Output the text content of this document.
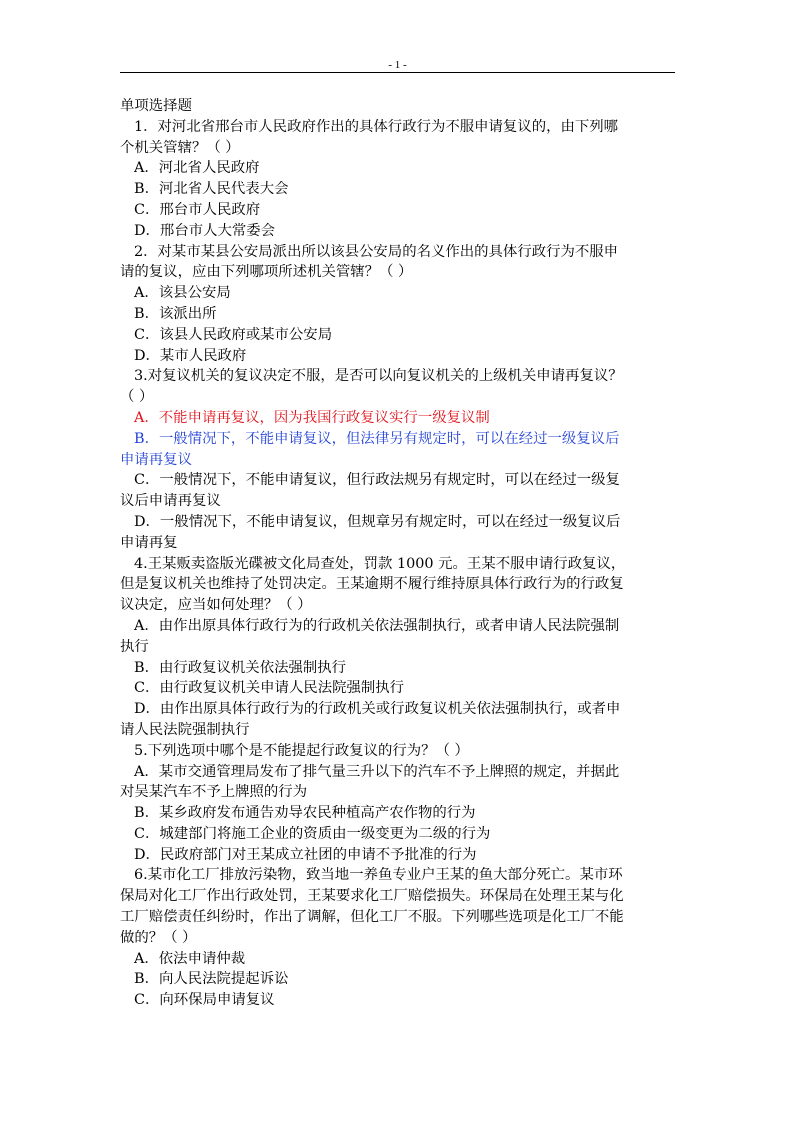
- 1 -
单项选择题
1．对河北省邢台市人民政府作出的具体行政行为不服申请复议的，由下列哪
个机关管辖？（ ）
A．河北省人民政府
B．河北省人民代表大会
C．邢台市人民政府
D．邢台市人大常委会
2．对某市某县公安局派出所以该县公安局的名义作出的具体行政行为不服申
请的复议，应由下列哪项所述机关管辖？（ ）
A．该县公安局
B．该派出所
C．该县人民政府或某市公安局
D．某市人民政府
3.对复议机关的复议决定不服，是否可以向复议机关的上级机关申请再复议？
（ ）
A．不能申请再复议，因为我国行政复议实行一级复议制
B．一般情况下，不能申请复议，但法律另有规定时，可以在经过一级复议后
申请再复议
C．一般情况下，不能申请复议，但行政法规另有规定时，可以在经过一级复
议后申请再复议
D．一般情况下，不能申请复议，但规章另有规定时，可以在经过一级复议后
申请再复
4.王某贩卖盗版光碟被文化局查处，罚款 1000 元。王某不服申请行政复议，
但是复议机关也维持了处罚决定。王某逾期不履行维持原具体行政行为的行政复
议决定，应当如何处理？（ ）
A．由作出原具体行政行为的行政机关依法强制执行，或者申请人民法院强制
执行
B．由行政复议机关依法强制执行
C．由行政复议机关申请人民法院强制执行
D．由作出原具体行政行为的行政机关或行政复议机关依法强制执行，或者申
请人民法院强制执行
5.下列选项中哪个是不能提起行政复议的行为？（ ）
A．某市交通管理局发布了排气量三升以下的汽车不予上牌照的规定，并据此
对吴某汽车不予上牌照的行为
B．某乡政府发布通告劝导农民种植高产农作物的行为
C．城建部门将施工企业的资质由一级变更为二级的行为
D．民政府部门对王某成立社团的申请不予批准的行为
6.某市化工厂排放污染物，致当地一养鱼专业户王某的鱼大部分死亡。某市环
保局对化工厂作出行政处罚，王某要求化工厂赔偿损失。环保局在处理王某与化
工厂赔偿责任纠纷时，作出了调解，但化工厂不服。下列哪些选项是化工厂不能
做的？（ ）
A．依法申请仲裁
B．向人民法院提起诉讼
C．向环保局申请复议
